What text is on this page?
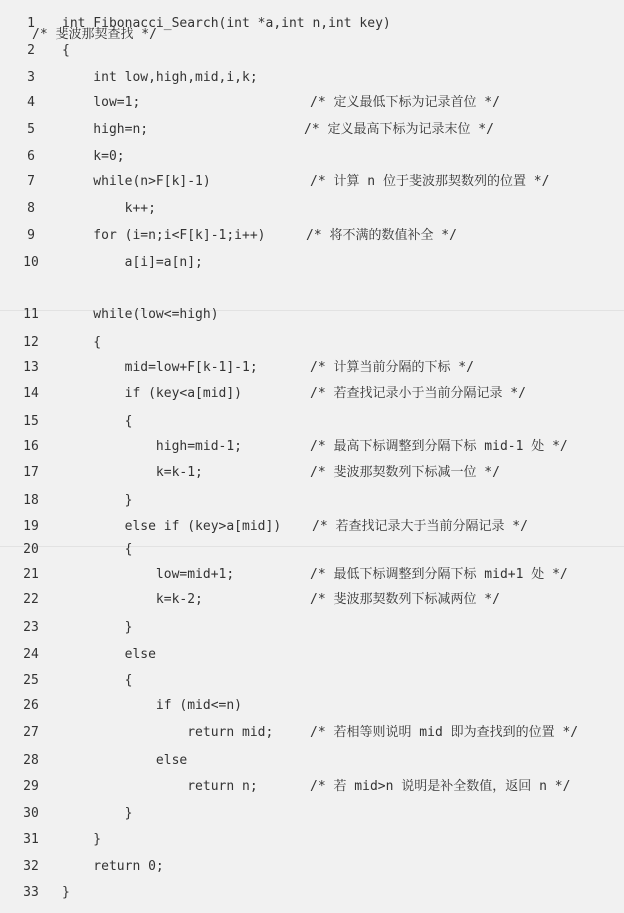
/* 斐波那契查找 */

1	int Fibonacci_Search(int *a,int n,int key)
2	{
3	int low,high,mid,i,k;
4	low=1;	/* 定义最低下标为记录首位 */
5	high=n;	/* 定义最高下标为记录末位 */
6	k=0;
7	while(n>F[k]-1)	/* 计算 n 位于斐波那契数列的位置 */
8	k++;
9	for (i=n;i<F[k]-1;i++)	/* 将不满的数值补全 */
10	a[i]=a[n];
11	while(low<=high)
12	{
13	mid=low+F[k-1]-1;	/* 计算当前分隔的下标 */
14	if (key<a[mid])	/* 若查找记录小于当前分隔记录 */
15	{
16	high=mid-1;	/* 最高下标调整到分隔下标 mid-1 处 */
17	k=k-1;	/* 斐波那契数列下标减一位 */
18	}
19	else if (key>a[mid]) /* 若查找记录大于当前分隔记录 */
20	{
21	low=mid+1;	/* 最低下标调整到分隔下标 mid+1 处 */
22	k=k-2;	/* 斐波那契数列下标减两位 */
23	}
24	else
25	{
26	if (mid<=n)
27	return mid;	/* 若相等则说明 mid 即为查找到的位置 */
28	else
29	return n;	/* 若 mid>n 说明是补全数值，返回 n */
30	}
31	}
32	return 0;
33	}
